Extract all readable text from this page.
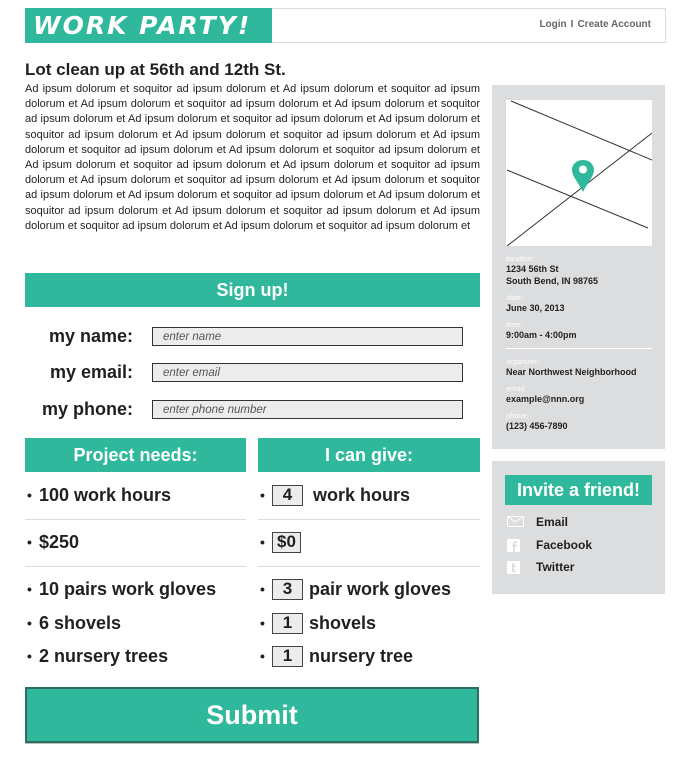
WORK PARTY!	Login I Create Account
Lot clean up at 56th and 12th St.

Ad ipsum dolorum et soquitor ad ipsum dolorum et Ad ipsum dolorum et soquitor ad ipsum dolorum et Ad ipsum dolorum et soquitor ad ipsum dolorum et Ad ipsum dolorum et soquitor ad ipsum dolorum et Ad ipsum dolorum et soquitor ad ipsum dolorum et Ad ipsum dolorum et soquitor ad ipsum dolorum et Ad ipsum dolorum et soquitor ad ipsum dolorum et Ad ipsum dolorum et soquitor ad ipsum dolorum et Ad ipsum dolorum et soquitor ad ipsum dolorum et Ad ipsum dolorum et soquitor ad ipsum dolorum et Ad ipsum dolorum et soquitor ad ipsum dolorum et Ad ipsum dolorum et soquitor ad ipsum dolorum et Ad ipsum dolorum et soquitor ad ipsum dolorum et Ad ipsum dolorum et soquitor ad ipsum dolorum et Ad ipsum dolorum et soquitor ad ipsum dolorum et Ad ipsum dolorum et soquitor ad ipsum dolorum et Ad ipsum dolorum et soquitor ad ipsum dolorum et Ad ipsum dolorum et soquitor ad ipsum dolorum et

Sign up!
my name:
enter name
my email:
enter email
my phone:
enter phone number
Project needs:
• 100 work hours
• $250
• 10 pairs work gloves
• 6 shovels
• 2 nursery trees
I can give:
•4	work hours
•$0
•3 pair work gloves
•1 shovels
•1 nursery tree
Submit
location:
1234 56th St
South Bend, IN 98765
date:
June 30, 2013
time:
9:00am - 4:00pm
organizer:
Near Northwest Neighborhood
email:
example@nnn.org
phone:
(123) 456-7890
Invite a friend!
Email
Facebook
Twitter
